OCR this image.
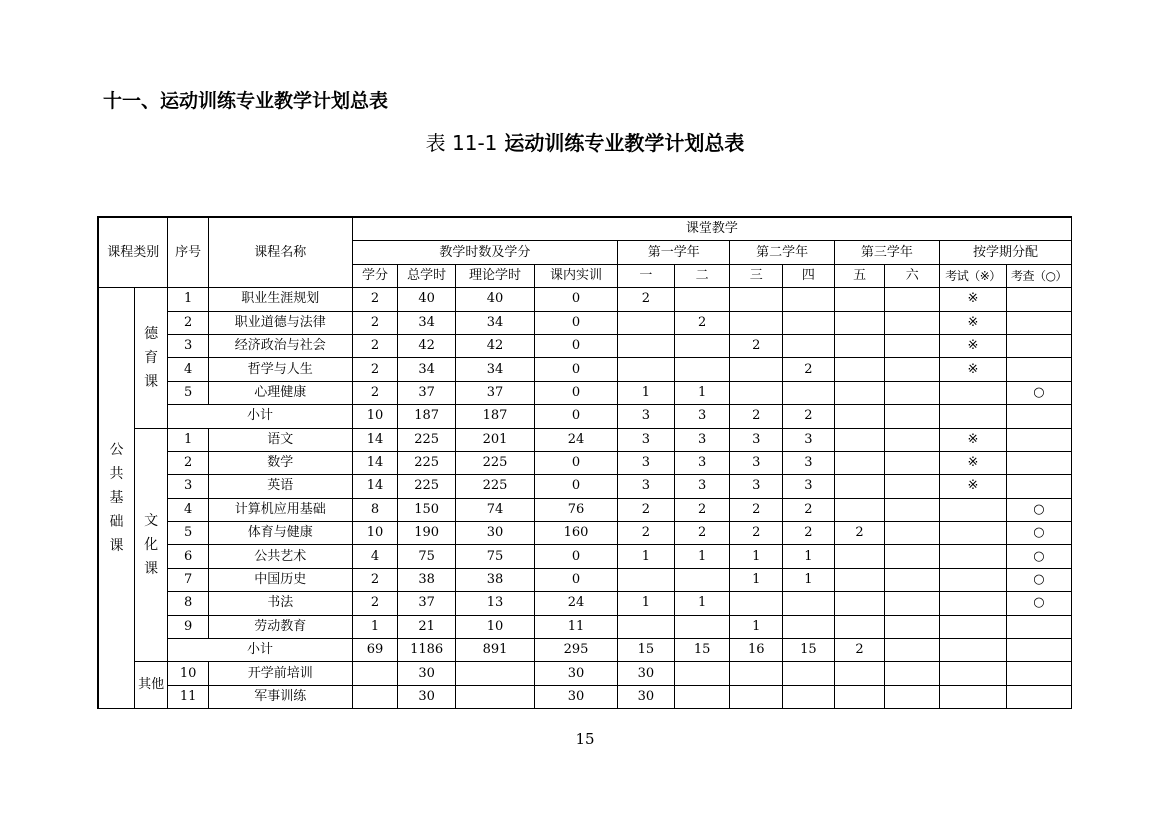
十一、运动训练专业教学计划总表
表 11-1 运动训练专业教学计划总表
课程类别		序号	课程名称	课堂教学											
				教学时数及学分				第一学年		第二学年		第三学年		按学期分配	
				学分	总学时	理论学时	课内实训	一	二	三	四	五	六	考试（※）	考查（○）

公
共
基
础
课	德
育
课	1	职业生涯规划	2	40	40	0	2						※	
		2	职业道德与法律	2	34	34	0		2					※	
		3	经济政治与社会	2	42	42	0			2				※	
		4	哲学与人生	2	34	34	0				2			※	
		5	心理健康	2	37	37	0	1	1						○
		小计		10	187	187	0	3	3	2	2				

	文
化
课	1	语文	14	225	201	24	3	3	3	3			※	
		2	数学	14	225	225	0	3	3	3	3			※	
		3	英语	14	225	225	0	3	3	3	3			※	
		4	计算机应用基础	8	150	74	76	2	2	2	2				○
		5	体育与健康	10	190	30	160	2	2	2	2	2			○
		6	公共艺术	4	75	75	0	1	1	1	1				○
		7	中国历史	2	38	38	0			1	1				○
		8	书法	2	37	13	24	1	1						○
		9	劳动教育	1	21	10	11			1					
		小计		69	1186	891	295	15	15	16	15	2			
	其他	10	开学前培训		30		30	30							
		11	军事训练		30		30	30							
15
